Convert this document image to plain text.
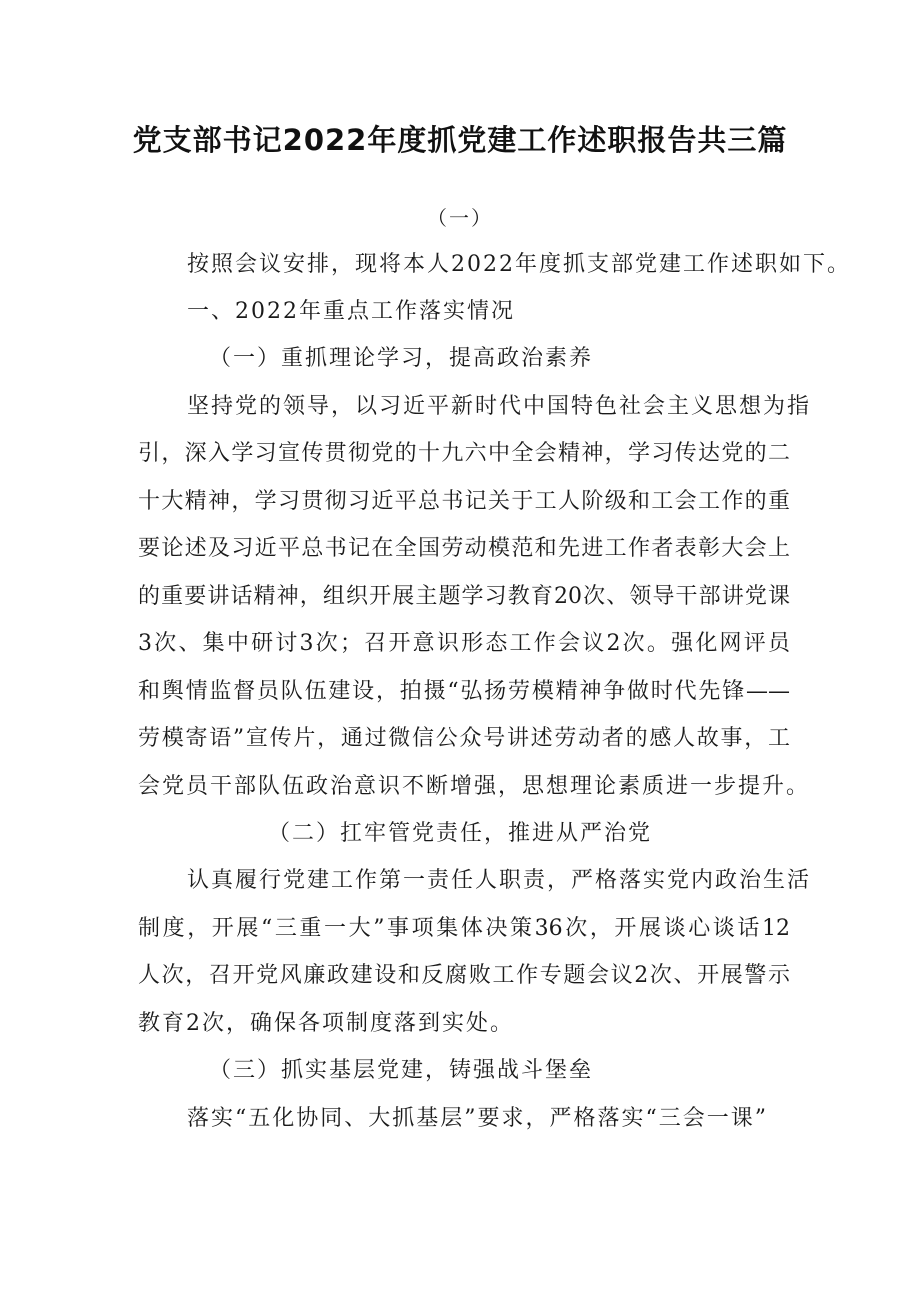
党支部书记2022年度抓党建工作述职报告共三篇
（一）
按照会议安排，现将本人2022年度抓支部党建工作述职如下。
一、2022年重点工作落实情况
（一）重抓理论学习，提高政治素养
坚持党的领导，以习近平新时代中国特色社会主义思想为指
引，深入学习宣传贯彻党的十九六中全会精神，学习传达党的二
十大精神，学习贯彻习近平总书记关于工人阶级和工会工作的重
要论述及习近平总书记在全国劳动模范和先进工作者表彰大会上
的重要讲话精神，组织开展主题学习教育20次、领导干部讲党课
3次、集中研讨3次；召开意识形态工作会议2次。强化网评员
和舆情监督员队伍建设，拍摄“弘扬劳模精神争做时代先锋——
劳模寄语”宣传片，通过微信公众号讲述劳动者的感人故事，工
会党员干部队伍政治意识不断增强，思想理论素质进一步提升。
（二）扛牢管党责任，推进从严治党
认真履行党建工作第一责任人职责，严格落实党内政治生活
制度，开展“三重一大”事项集体决策36次，开展谈心谈话12
人次，召开党风廉政建设和反腐败工作专题会议2次、开展警示
教育2次，确保各项制度落到实处。
（三）抓实基层党建，铸强战斗堡垒
落实“五化协同、大抓基层”要求，严格落实“三会一课”
